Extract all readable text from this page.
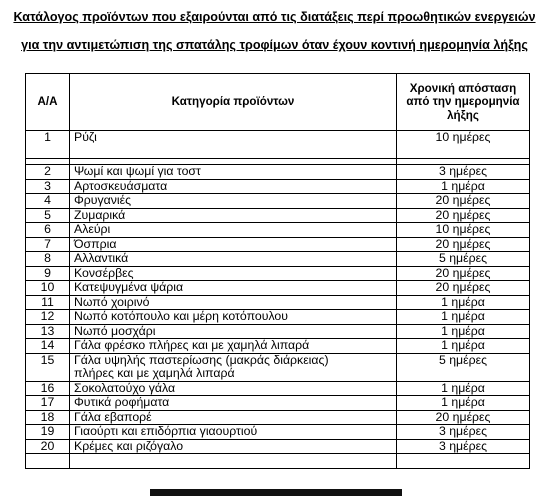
Κατάλογος προϊόντων που εξαιρούνται από τις διατάξεις περί προωθητικών ενεργειών
για την αντιμετώπιση της σπατάλης τροφίμων όταν έχουν κοντινή ημερομηνία λήξης
Α/Α	Κατηγορία προϊόντων	Χρονική απόσταση
από την ημερομηνία
λήξης
1	Ρύζι	10 ημέρες

2	Ψωμί και ψωμί για τοστ	3 ημέρες
3	Αρτοσκευάσματα	1 ημέρα
4	Φρυγανιές	20 ημέρες
5	Ζυμαρικά	20 ημέρες
6	Αλεύρι	10 ημέρες
7	Όσπρια	20 ημέρες
8	Αλλαντικά	5 ημέρες
9	Κονσέρβες	20 ημέρες
10	Κατεψυγμένα ψάρια	20 ημέρες
11	Νωπό χοιρινό	1 ημέρα
12	Νωπό κοτόπουλο και μέρη κοτόπουλου	1 ημέρα
13	Νωπό μοσχάρι	1 ημέρα
14	Γάλα φρέσκο πλήρες και με χαμηλά λιπαρά	1 ημέρα
15	Γάλα υψηλής παστερίωσης (μακράς διάρκειας)
πλήρες και με χαμηλά λιπαρά	5 ημέρες
16	Σοκολατούχο γάλα	1 ημέρα
17	Φυτικά ροφήματα	1 ημέρα
18	Γάλα εβαπορέ	20 ημέρες
19	Γιαούρτι και επιδόρπια γιαουρτιού	3 ημέρες
20	Κρέμες και ριζόγαλο	3 ημέρες
